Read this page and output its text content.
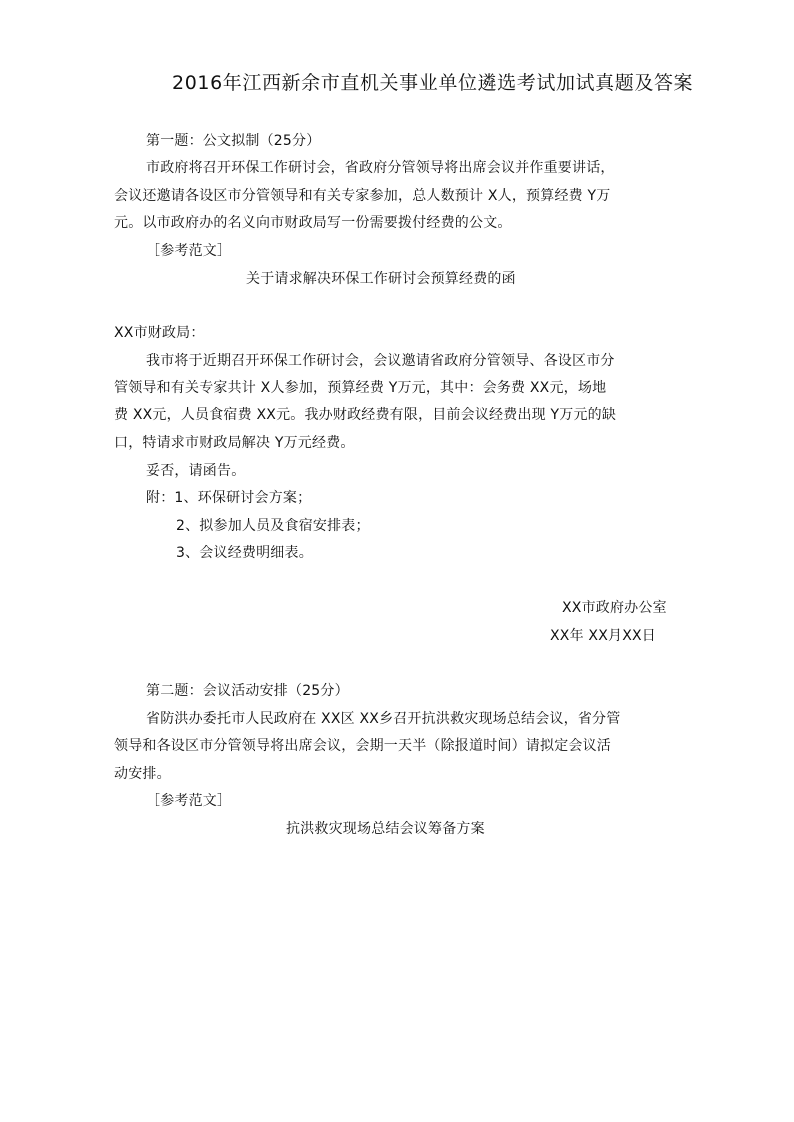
2016年江西新余市直机关事业单位遴选考试加试真题及答案
第一题：公文拟制（25分）
市政府将召开环保工作研讨会，省政府分管领导将出席会议并作重要讲话，
会议还邀请各设区市分管领导和有关专家参加，总人数预计 X人，预算经费 Y万
元。以市政府办的名义向市财政局写一份需要拨付经费的公文。
［参考范文］
关于请求解决环保工作研讨会预算经费的函
XX市财政局：
我市将于近期召开环保工作研讨会，会议邀请省政府分管领导、各设区市分
管领导和有关专家共计 X人参加，预算经费 Y万元，其中：会务费 XX元，场地
费 XX元，人员食宿费 XX元。我办财政经费有限，目前会议经费出现 Y万元的缺
口，特请求市财政局解决 Y万元经费。
妥否，请函告。
附：1、环保研讨会方案；
2、拟参加人员及食宿安排表；
3、会议经费明细表。
XX市政府办公室
XX年 XX月XX日
第二题：会议活动安排（25分）
省防洪办委托市人民政府在 XX区 XX乡召开抗洪救灾现场总结会议，省分管
领导和各设区市分管领导将出席会议，会期一天半（除报道时间）请拟定会议活
动安排。
［参考范文］
抗洪救灾现场总结会议筹备方案
